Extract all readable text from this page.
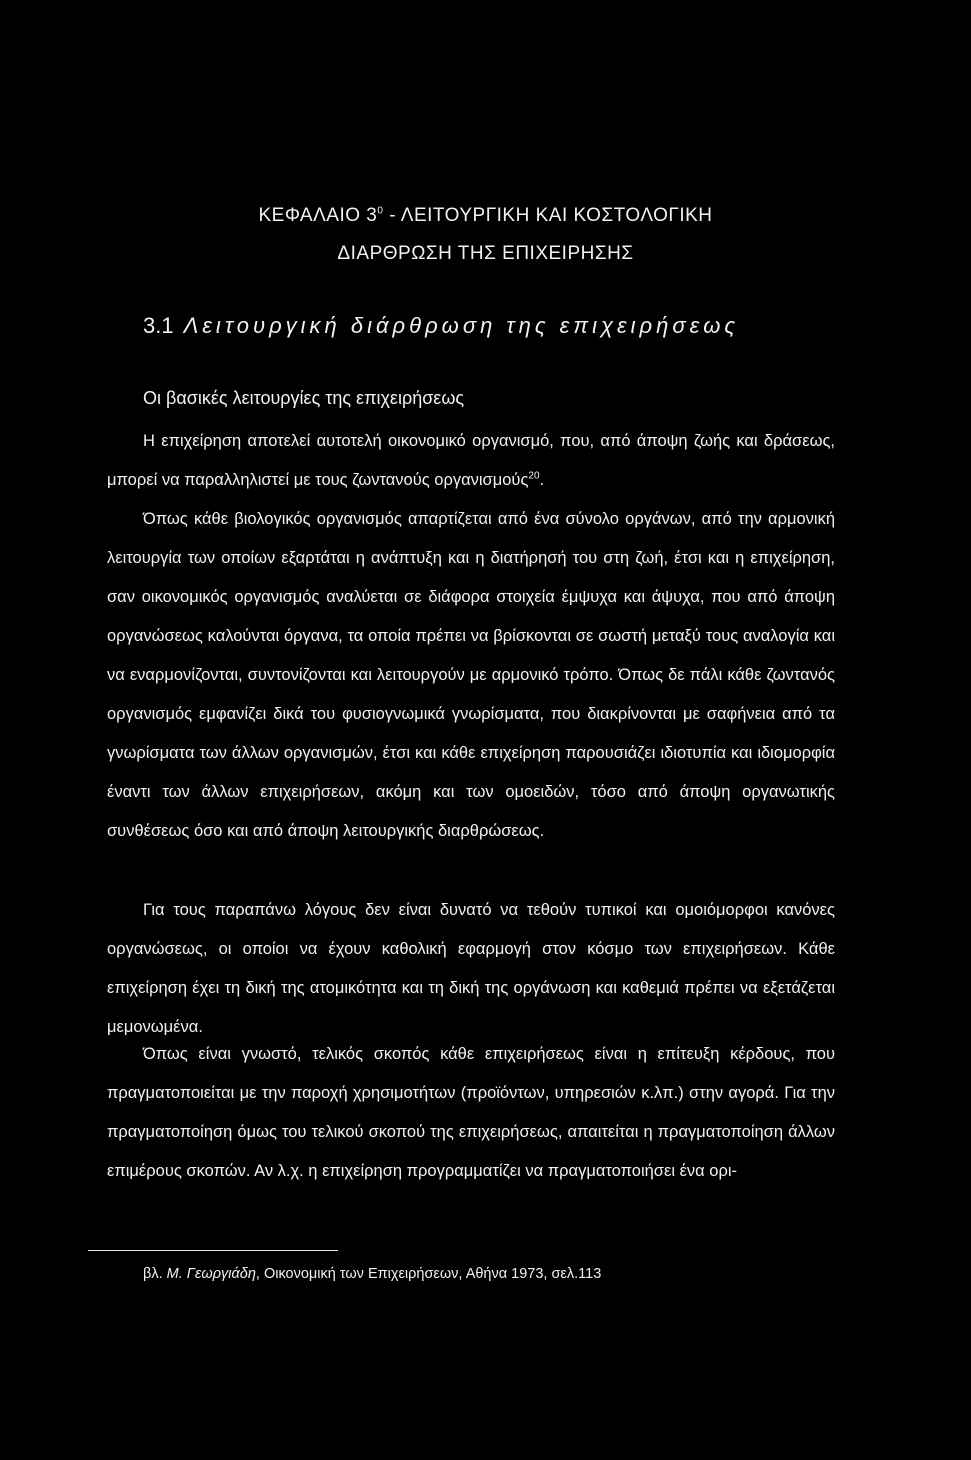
ΚΕΦΑΛΑΙΟ $3^0$ - ΛΕΙΤΟΥΡΓΙΚΗ ΚΑΙ ΚΟΣΤΟΛΟΓΙΚΗ
ΔΙΑΡΘΡΩΣΗ ΤΗΣ ΕΠΙΧΕΙΡΗΣΗΣ
3.1 Λειτουργική διάρθρωση της επιχειρήσεως
Οι βασικές λειτουργίες της επιχειρήσεως
Η επιχείρηση αποτελεί αυτοτελή οικονομικό οργανισμό, που, από άποψη ζωής και δράσεως, μπορεί να παραλληλιστεί με τους ζωντανούς οργανισμούς$^{20}$.
Όπως κάθε βιολογικός οργανισμός απαρτίζεται από ένα σύνολο οργάνων, από την αρμονική λειτουργία των οποίων εξαρτάται η ανάπτυξη και η διατήρησή του στη ζωή, έτσι και η επιχείρηση, σαν οικονομικός οργανισμός αναλύεται σε διάφορα στοιχεία έμψυχα και άψυχα, που από άποψη οργανώσεως καλούνται όργανα, τα οποία πρέπει να βρίσκονται σε σωστή μεταξύ τους αναλογία και να εναρμονίζονται, συντονίζονται και λειτουργούν με αρμονικό τρόπο. Όπως δε πάλι κάθε ζωντανός οργανισμός εμφανίζει δικά του φυσιογνωμικά γνωρίσματα, που διακρίνονται με σαφήνεια από τα γνωρίσματα των άλλων οργανισμών, έτσι και κάθε επιχείρηση παρουσιάζει ιδιοτυπία και ιδιομορφία έναντι των άλλων επιχειρήσεων, ακόμη και των ομοειδών, τόσο από άποψη οργανωτικής συνθέσεως όσο και από άποψη λειτουργικής διαρθρώσεως.
Για τους παραπάνω λόγους δεν είναι δυνατό να τεθούν τυπικοί και ομοιόμορφοι κανόνες οργανώσεως, οι οποίοι να έχουν καθολική εφαρμογή στον κόσμο των επιχειρήσεων. Κάθε επιχείρηση έχει τη δική της ατομικότητα και τη δική της οργάνωση και καθεμιά πρέπει να εξετάζεται μεμονωμένα.
Όπως είναι γνωστό, τελικός σκοπός κάθε επιχειρήσεως είναι η επίτευξη κέρδους, που πραγματοποιείται με την παροχή χρησιμοτήτων (προϊόντων, υπηρεσιών κ.λπ.) στην αγορά. Για την πραγματοποίηση όμως του τελικού σκοπού της επιχειρήσεως, απαιτείται η πραγματοποίηση άλλων επιμέρους σκοπών. Αν λ.χ. η επιχείρηση προγραμματίζει να πραγματοποιήσει ένα ορι-
βλ. Μ. Γεωργιάδη, Οικονομική των Επιχειρήσεων, Αθήνα 1973, σελ.113
